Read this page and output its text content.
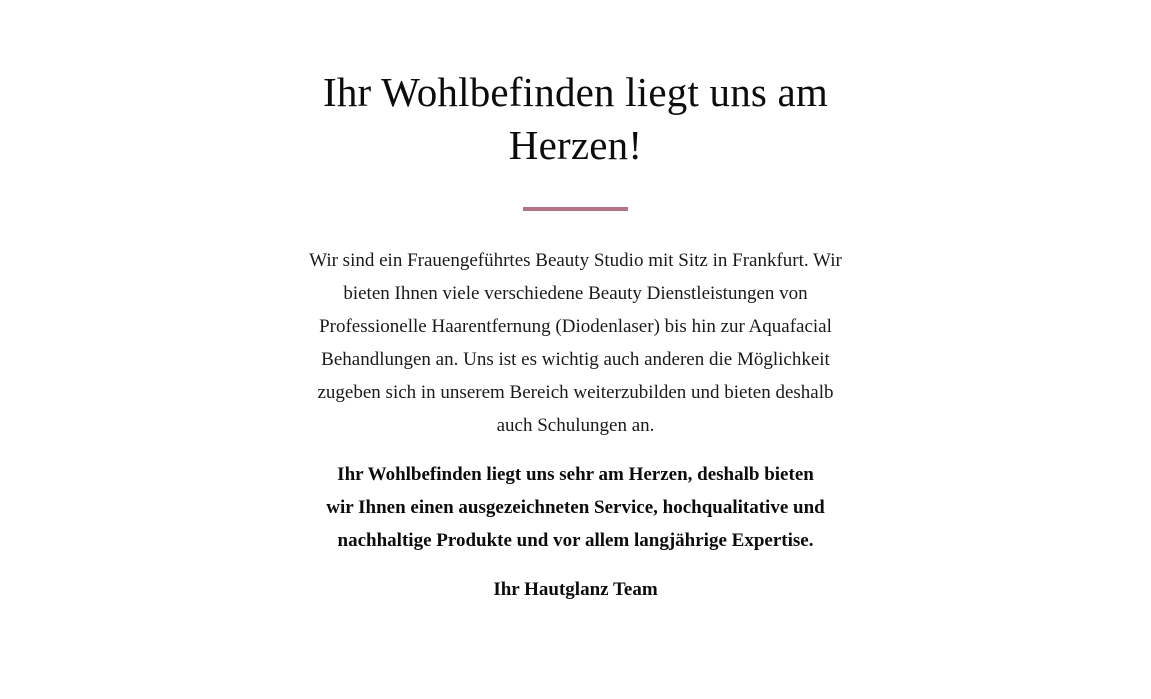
Ihr Wohlbefinden liegt uns am Herzen!

Wir sind ein Frauengeführtes Beauty Studio mit Sitz in Frankfurt. Wir bieten Ihnen viele verschiedene Beauty Dienstleistungen von Professionelle Haarentfernung (Diodenlaser) bis hin zur Aquafacial Behandlungen an. Uns ist es wichtig auch anderen die Möglichkeit zugeben sich in unserem Bereich weiterzubilden und bieten deshalb auch Schulungen an.

Ihr Wohlbefinden liegt uns sehr am Herzen, deshalb bieten wir Ihnen einen ausgezeichneten Service, hochqualitative und nachhaltige Produkte und vor allem langjährige Expertise.

Ihr Hautglanz Team
